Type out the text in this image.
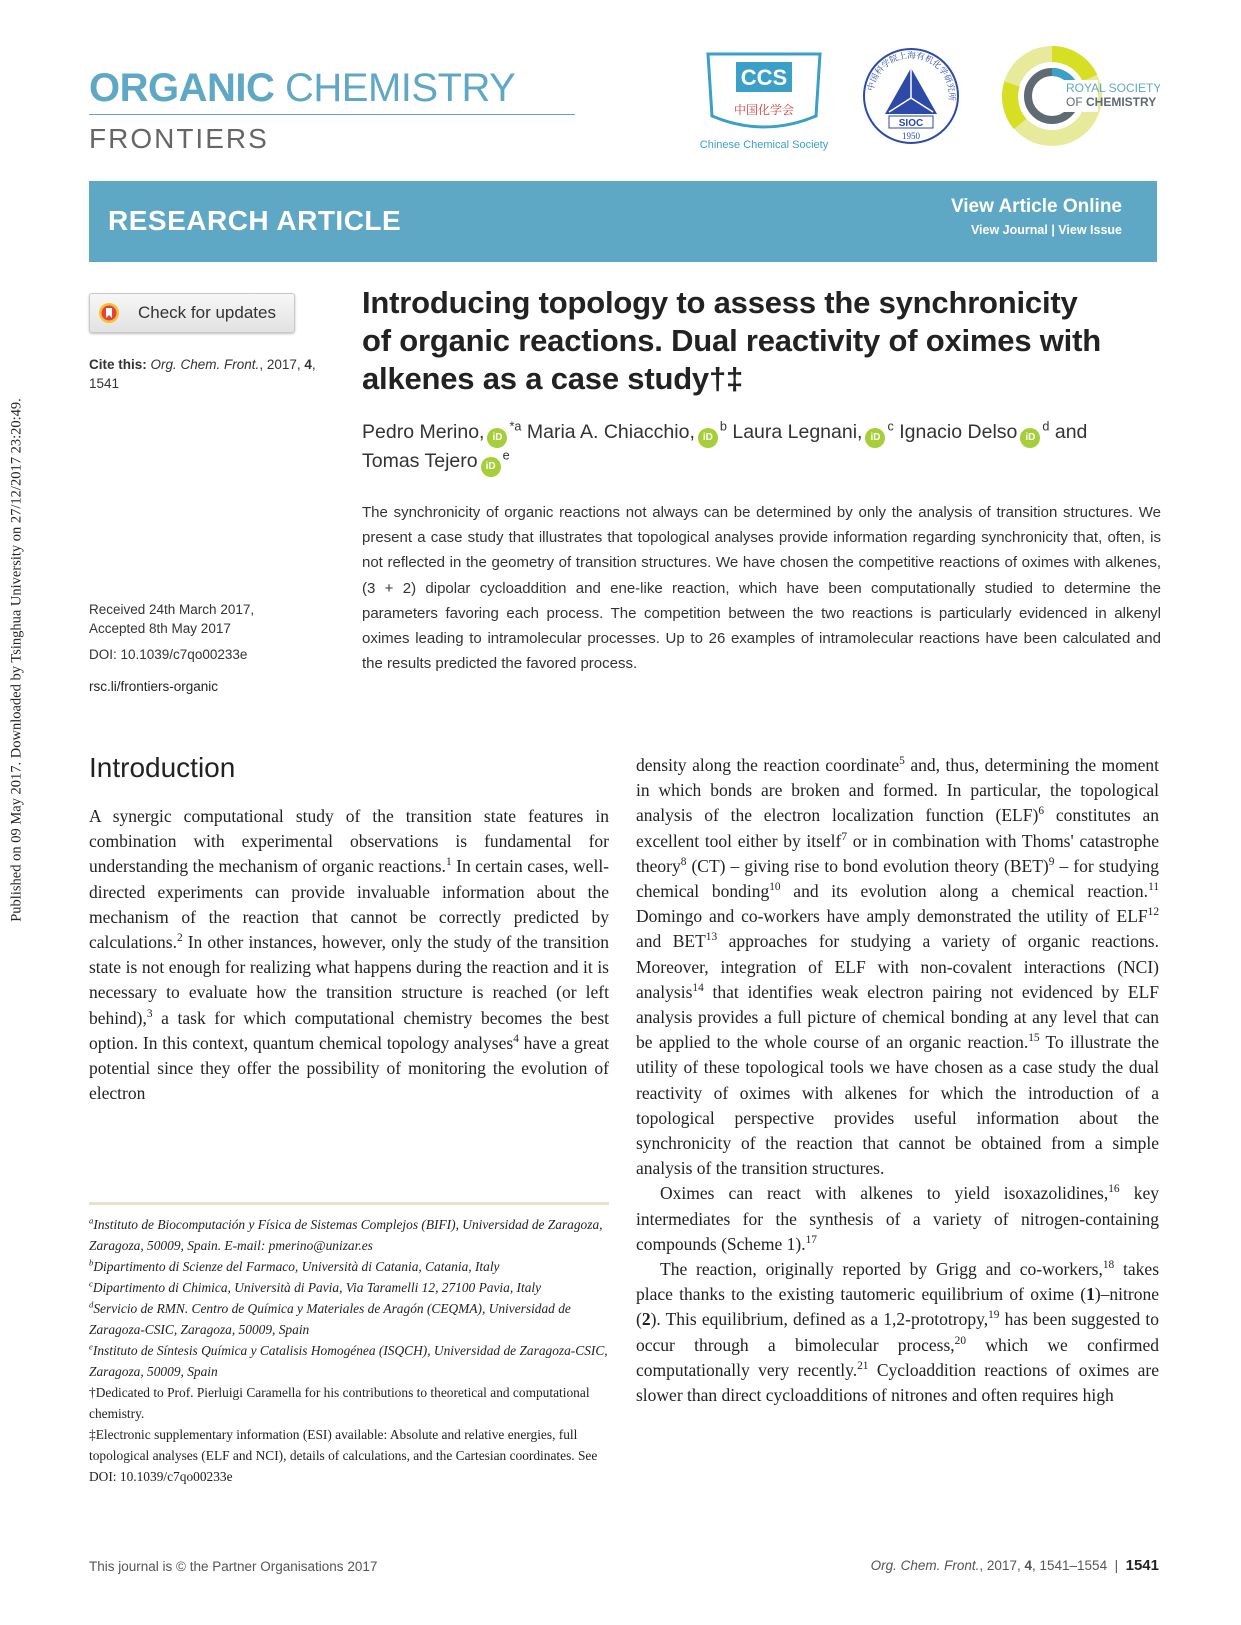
Published on 09 May 2017. Downloaded by Tsinghua University on 27/12/2017 23:20:49.
ORGANIC CHEMISTRY
FRONTIERS
CCS
中国化学会
Chinese Chemical Society
中国科学院上海有机化学研究所
SIOC
1950
ROYAL SOCIETY
OF CHEMISTRY
RESEARCH ARTICLE	View Article Online
View Journal | View Issue
Check for updates
Cite this: Org. Chem. Front., 2017, 4, 1541
Received 24th March 2017,
Accepted 8th May 2017
DOI: 10.1039/c7qo00233e
rsc.li/frontiers-organic
Introducing topology to assess the synchronicity
of organic reactions. Dual reactivity of oximes with
alkenes as a case study†‡
Pedro Merino, $iD^{*a}$ Maria A. Chiacchio, $iD^b$ Laura Legnani, $iD^c$ Ignacio Delso $iD^d$ and
Tomas Tejero $iD^e$
The synchronicity of organic reactions not always can be determined by only the analysis of transition structures. We present a case study that illustrates that topological analyses provide information regarding synchronicity that, often, is not reflected in the geometry of transition structures. We have chosen the competitive reactions of oximes with alkenes, (3 + 2) dipolar cycloaddition and ene-like reaction, which have been computationally studied to determine the parameters favoring each process. The competition between the two reactions is particularly evidenced in alkenyl oximes leading to intramolecular processes. Up to 26 examples of intramolecular reactions have been calculated and the results predicted the favored process.
Introduction

A synergic computational study of the transition state features in combination with experimental observations is fundamental for understanding the mechanism of organic reactions.$^1$ In certain cases, well-directed experiments can provide invaluable information about the mechanism of the reaction that cannot be correctly predicted by calculations.$^2$ In other instances, however, only the study of the transition state is not enough for realizing what happens during the reaction and it is necessary to evaluate how the transition structure is reached (or left behind),$^3$ a task for which computational chemistry becomes the best option. In this context, quantum chemical topology analyses$^4$ have a great potential since they offer the possibility of monitoring the evolution of electron

density along the reaction coordinate$^5$ and, thus, determining the moment in which bonds are broken and formed. In particular, the topological analysis of the electron localization function (ELF)$^6$ constitutes an excellent tool either by itself$^7$ or in combination with Thoms' catastrophe theory$^8$ (CT) – giving rise to bond evolution theory (BET)$^9$ – for studying chemical bonding$^{10}$ and its evolution along a chemical reaction.$^{11}$ Domingo and co-workers have amply demonstrated the utility of ELF$^{12}$ and BET$^{13}$ approaches for studying a variety of organic reactions. Moreover, integration of ELF with non-covalent interactions (NCI) analysis$^{14}$ that identifies weak electron pairing not evidenced by ELF analysis provides a full picture of chemical bonding at any level that can be applied to the whole course of an organic reaction.$^{15}$ To illustrate the utility of these topological tools we have chosen as a case study the dual reactivity of oximes with alkenes for which the introduction of a topological perspective provides useful information about the synchronicity of the reaction that cannot be obtained from a simple analysis of the transition structures.

Oximes can react with alkenes to yield isoxazolidines,$^{16}$ key intermediates for the synthesis of a variety of nitrogen-containing compounds (Scheme 1).$^{17}$

The reaction, originally reported by Grigg and co-workers,$^{18}$ takes place thanks to the existing tautomeric equilibrium of oxime (1)–nitrone (2). This equilibrium, defined as a 1,2-prototropy,$^{19}$ has been suggested to occur through a bimolecular process,$^{20}$ which we confirmed computationally very recently.$^{21}$ Cycloaddition reactions of oximes are slower than direct cycloadditions of nitrones and often requires high

$^a$Instituto de Biocomputación y Física de Sistemas Complejos (BIFI), Universidad de Zaragoza, Zaragoza, 50009, Spain. E-mail: pmerino@unizar.es
$^b$Dipartimento di Scienze del Farmaco, Università di Catania, Catania, Italy
$^c$Dipartimento di Chimica, Università di Pavia, Via Taramelli 12, 27100 Pavia, Italy
$^d$Servicio de RMN. Centro de Química y Materiales de Aragón (CEQMA), Universidad de Zaragoza-CSIC, Zaragoza, 50009, Spain
$^e$Instituto de Síntesis Química y Catalisis Homogénea (ISQCH), Universidad de Zaragoza-CSIC, Zaragoza, 50009, Spain
†Dedicated to Prof. Pierluigi Caramella for his contributions to theoretical and computational chemistry.
‡Electronic supplementary information (ESI) available: Absolute and relative energies, full topological analyses (ELF and NCI), details of calculations, and the Cartesian coordinates. See DOI: 10.1039/c7qo00233e
This journal is © the Partner Organisations 2017	Org. Chem. Front., 2017, 4, 1541–1554 | 1541
